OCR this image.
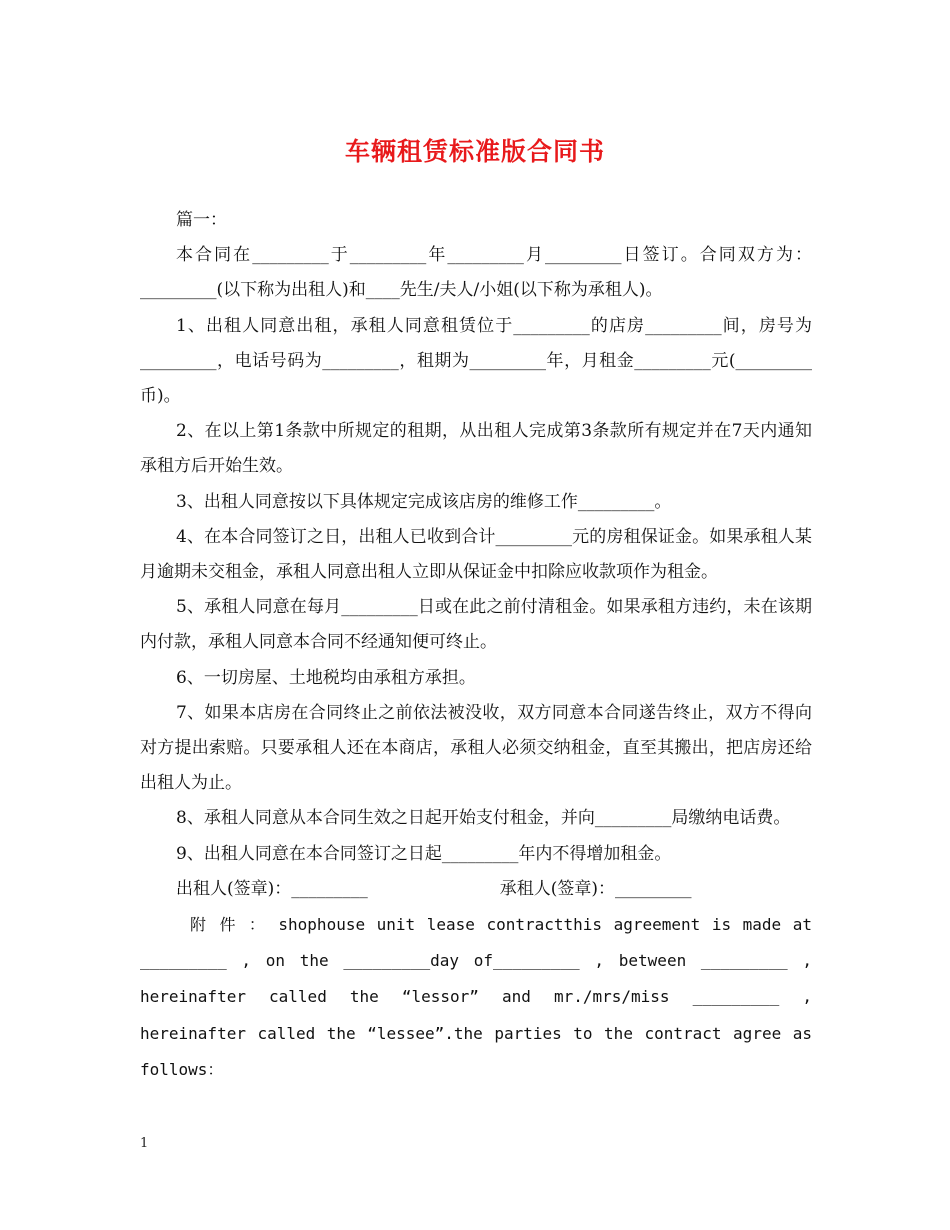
车辆租赁标准版合同书

篇一：

本合同在_________于_________年_________月_________日签订。合同双方为：_________(以下称为出租人)和____先生/夫人/小姐(以下称为承租人)。

1、出租人同意出租，承租人同意租赁位于_________的店房_________间，房号为_________，电话号码为_________，租期为_________年，月租金_________元(_________币)。

2、在以上第1条款中所规定的租期，从出租人完成第3条款所有规定并在7天内通知承租方后开始生效。

3、出租人同意按以下具体规定完成该店房的维修工作_________。

4、在本合同签订之日，出租人已收到合计_________元的房租保证金。如果承租人某月逾期未交租金，承租人同意出租人立即从保证金中扣除应收款项作为租金。

5、承租人同意在每月_________日或在此之前付清租金。如果承租方违约，未在该期内付款，承租人同意本合同不经通知便可终止。

6、一切房屋、土地税均由承租方承担。

7、如果本店房在合同终止之前依法被没收，双方同意本合同遂告终止，双方不得向对方提出索赔。只要承租人还在本商店，承租人必须交纳租金，直至其搬出，把店房还给出租人为止。

8、承租人同意从本合同生效之日起开始支付租金，并向_________局缴纳电话费。

9、出租人同意在本合同签订之日起_________年内不得增加租金。

出租人(签章)：_________	承租人(签章)：_________

附 件 ： shophouse unit lease contractthis agreement is made at

_________ , on the _________day of_________ , between _________ ,

hereinafter called the “lessor” and mr./mrs/miss _________ ,

hereinafter called the “lessee”.the parties to the contract agree as

follows：

1
